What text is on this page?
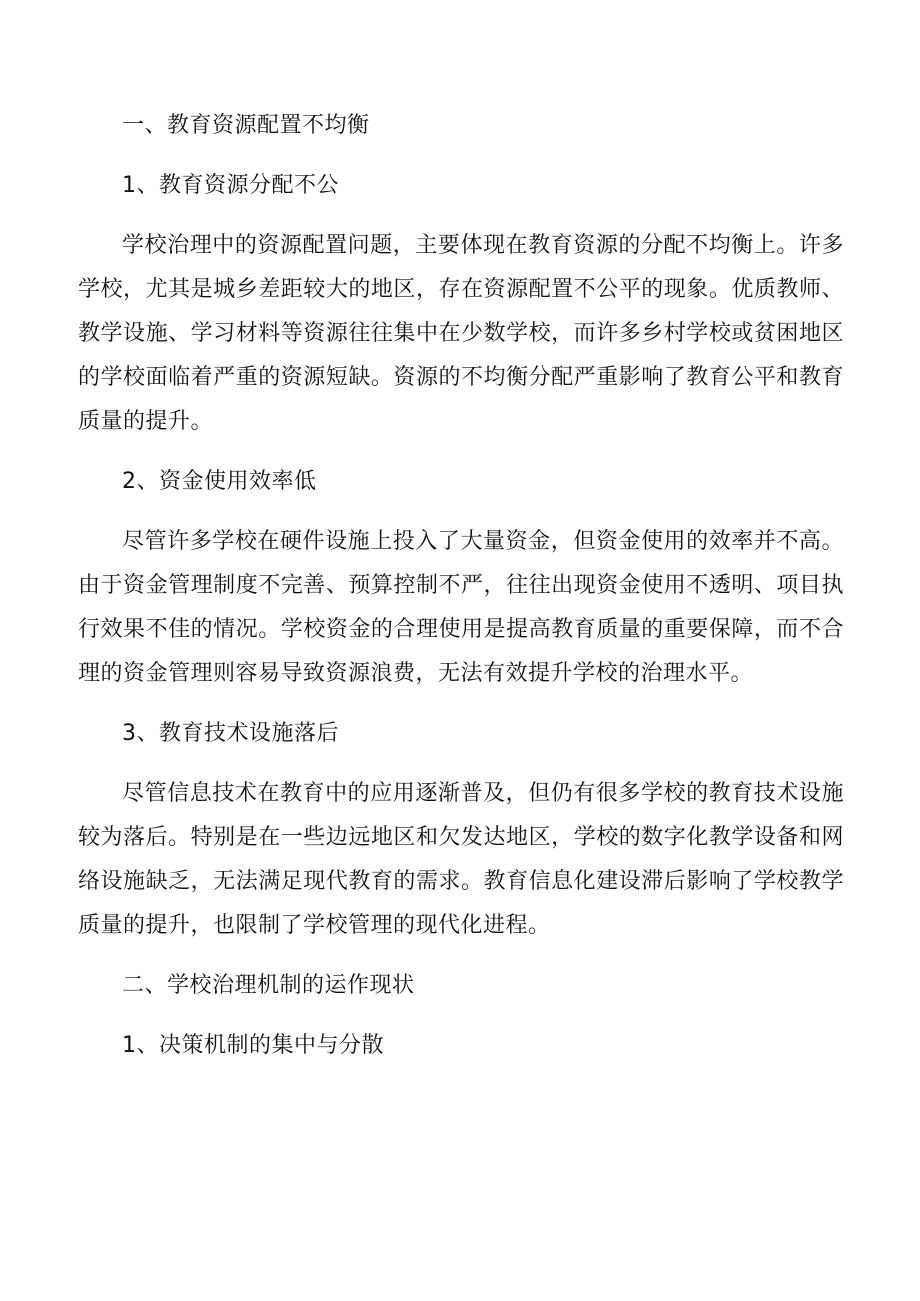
一、教育资源配置不均衡
1、教育资源分配不公

学校治理中的资源配置问题，主要体现在教育资源的分配不均衡上。许多学校，尤其是城乡差距较大的地区，存在资源配置不公平的现象。优质教师、教学设施、学习材料等资源往往集中在少数学校，而许多乡村学校或贫困地区的学校面临着严重的资源短缺。资源的不均衡分配严重影响了教育公平和教育质量的提升。

2、资金使用效率低

尽管许多学校在硬件设施上投入了大量资金，但资金使用的效率并不高。由于资金管理制度不完善、预算控制不严，往往出现资金使用不透明、项目执行效果不佳的情况。学校资金的合理使用是提高教育质量的重要保障，而不合理的资金管理则容易导致资源浪费，无法有效提升学校的治理水平。

3、教育技术设施落后

尽管信息技术在教育中的应用逐渐普及，但仍有很多学校的教育技术设施较为落后。特别是在一些边远地区和欠发达地区，学校的数字化教学设备和网络设施缺乏，无法满足现代教育的需求。教育信息化建设滞后影响了学校教学质量的提升，也限制了学校管理的现代化进程。

二、学校治理机制的运作现状
1、决策机制的集中与分散
